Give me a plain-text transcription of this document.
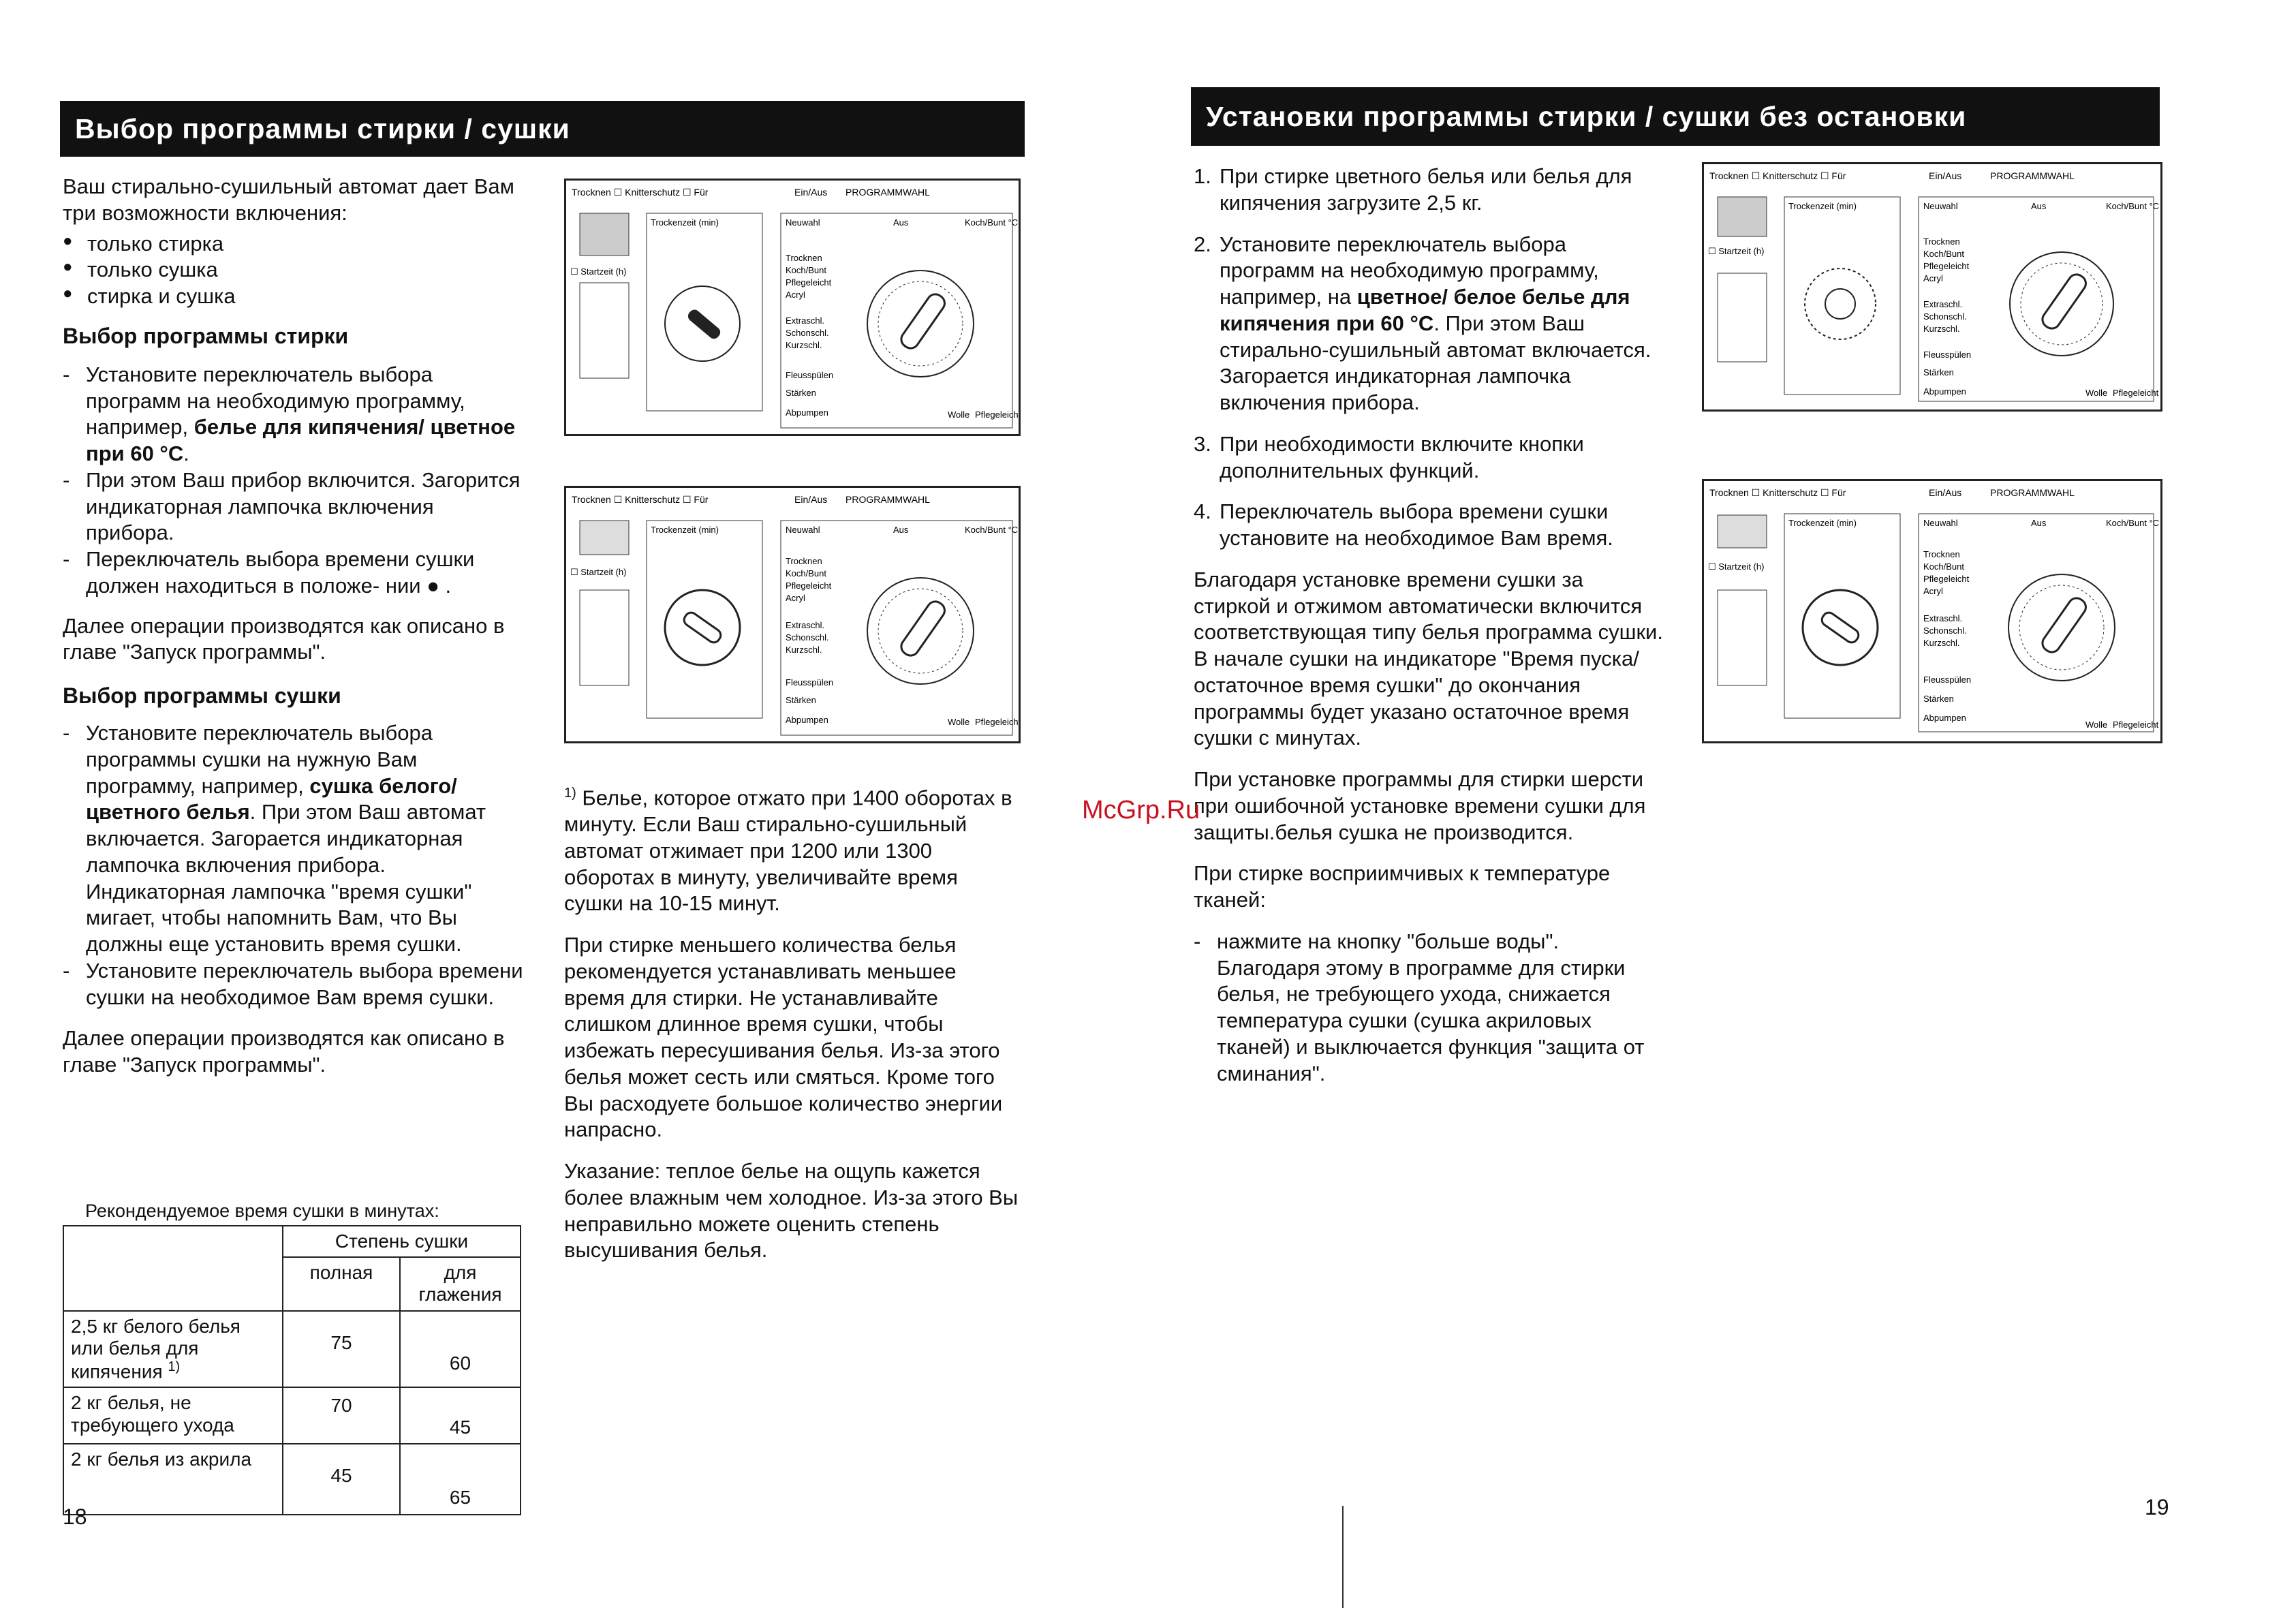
Выбор программы стирки / сушки

Ваш стирально-сушильный автомат дает Вам три возможности включения:

● только стирка
● только сушка
● стирка и сушка

Выбор программы стирки

- Установите переключатель выбора программ на необходимую программу, например, белье для кипячения/ цветное при 60 °C.
- При этом Ваш прибор включится. Загорится индикаторная лампочка включения прибора.
- Переключатель выбора времени сушки должен находиться в положе- нии ● .

Далее операции производятся как описано в главе "Запуск программы".

Выбор программы сушки

- Установите переключатель выбора программы сушки на нужную Вам программу, например, сушка белого/ цветного белья. При этом Ваш автомат включается. Загорается индикаторная лампочка включения прибора. Индикаторная лампочка "время сушки" мигает, чтобы напомнить Вам, что Вы должны еще установить время сушки.
- Установите переключатель выбора времени сушки на необходимое Вам время сушки.

Далее операции производятся как описано в главе "Запуск программы".

Рекондендуемое время сушки в минутах:
	Степень сушки	
	полная	для глажения
2,5 кг белого белья или белья для кипячения $^{1)}$	75	60
2 кг белья, не требующего ухода	70	45
2 кг белья из акрила	45	65
18
Trocknen ☐ Knitterschutz ☐ Für	Ein/Aus PROGRAMMWAHL
☐ Startzeit (h)
Trockenzeit (min)	Neuwahl
Trocknen
Koch/Bunt
Pflegeleicht
Acryl
Extraschl.
Schonschl.
Kurzschl.
Fleusspülen
Stärken
Abpumpen
Aus	Koch/Bunt °C
Wolle Pflegeleicht
Trocknen ☐ Knitterschutz ☐ Für	Ein/Aus PROGRAMMWAHL
☐ Startzeit (h)
Trockenzeit (min)	Neuwahl
Trocknen
Koch/Bunt
Pflegeleicht
Acryl
Extraschl.
Schonschl.
Kurzschl.
Fleusspülen
Stärken
Abpumpen
Aus	Koch/Bunt °C
Wolle Pflegeleicht
Trocknen ☐ Knitterschutz ☐ Für	Ein/Aus	PROGRAMMWAHL
☐ Startzeit (h)
Trockenzeit (min)	Neuwahl
Trocknen
Koch/Bunt
Pflegeleicht
Acryl
Extraschl.
Schonschl.
Kurzschl.
Fleusspülen
Stärken
Abpumpen
Aus	Koch/Bunt °C
Wolle Pflegeleicht
Trocknen ☐ Knitterschutz ☐ Für	Ein/Aus	PROGRAMMWAHL
☐ Startzeit (h)
Trockenzeit (min)	Neuwahl
Trocknen
Koch/Bunt
Pflegeleicht
Acryl
Extraschl.
Schonschl.
Kurzschl.
Fleusspülen
Stärken
Abpumpen
Aus	Koch/Bunt °C
Wolle Pflegeleicht

$^{1)}$ Белье, которое отжато при 1400 оборотах в минуту. Если Ваш стирально-сушильный автомат отжимает при 1200 или 1300 оборотах в минуту, увеличивайте время сушки на 10-15 минут.

При стирке меньшего количества белья рекомендуется устанавливать меньшее время для стирки. Не устанавливайте слишком длинное время сушки, чтобы избежать пересушивания белья. Из-за этого белья может сесть или смяться. Кроме того Вы расходуете большое количество энергии напрасно.

Указание: теплое белье на ощупь кажется более влажным чем холодное. Из-за этого Вы неправильно можете оценить степень высушивания белья.

Установки программы стирки / сушки без остановки
1. При стирке цветного белья или белья для кипячения загрузите 2,5 кг.
2. Установите переключатель выбора программ на необходимую программу, например, на цветное/ белое белье для кипячения при 60 °C. При этом Ваш стирально-сушильный автомат включается. Загорается индикаторная лампочка включения прибора.
3. При необходимости включите кнопки дополнительных функций.
4. Переключатель выбора времени сушки установите на необходимое Вам время.

Благодаря установке времени сушки за стиркой и отжимом автоматически включится соответствующая типу белья программа сушки. В начале сушки на индикаторе "Время пуска/остаточное время сушки" до окончания программы будет указано остаточное время сушки с минутах.

При установке программы для стирки шерсти при ошибочной установке времени сушки для защиты.белья сушка не производится.

При стирке восприимчивых к температуре тканей:

- нажмите на кнопку "больше воды". Благодаря этому в программе для стирки белья, не требующего ухода, снижается температура сушки (сушка акриловых тканей) и выключается функция "защита от сминания".
19
McGrp.Ru
